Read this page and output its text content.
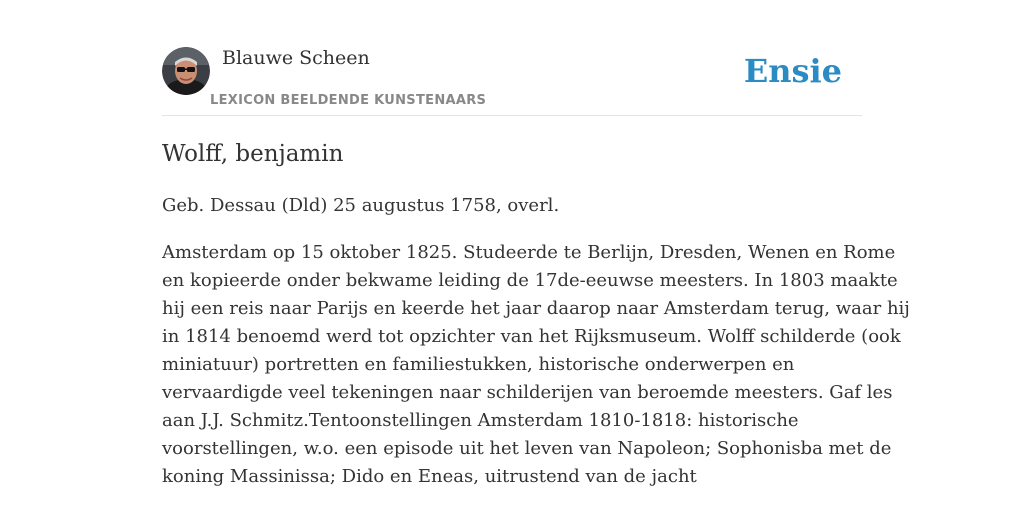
Blauwe Scheen
LEXICON BEELDENDE KUNSTENAARS
Ensie
Wolff, benjamin

Geb. Dessau (Dld) 25 augustus 1758, overl.

Amsterdam op 15 oktober 1825. Studeerde te Berlijn, Dresden, Wenen en Rome
en kopieerde onder bekwame leiding de 17de-eeuwse meesters. In 1803 maakte
hij een reis naar Parijs en keerde het jaar daarop naar Amsterdam terug, waar hij
in 1814 benoemd werd tot opzichter van het Rijksmuseum. Wolff schilderde (ook
miniatuur) portretten en familiestukken, historische onderwerpen en
vervaardigde veel tekeningen naar schilderijen van beroemde meesters. Gaf les
aan J.J. Schmitz.Tentoonstellingen Amsterdam 1810-1818: historische
voorstellingen, w.o. een episode uit het leven van Napoleon; Sophonisba met de
koning Massinissa; Dido en Eneas, uitrustend van de jacht
